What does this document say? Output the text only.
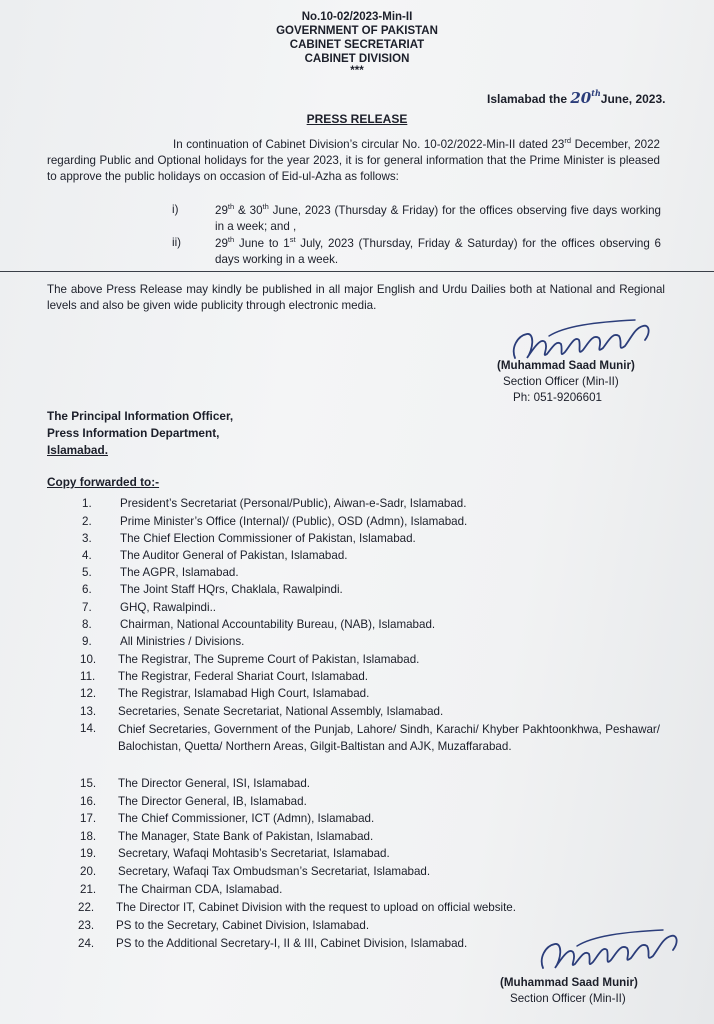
No.10-02/2023-Min-II
GOVERNMENT OF PAKISTAN
CABINET SECRETARIAT
CABINET DIVISION
***
Islamabad the 20thJune, 2023.
PRESS RELEASE
In continuation of Cabinet Division’s circular No. 10-02/2022-Min-II dated 23rd December, 2022 regarding Public and Optional holidays for the year 2023, it is for general information that the Prime Minister is pleased to approve the public holidays on occasion of Eid-ul-Azha as follows:
i)	29th & 30th June, 2023 (Thursday & Friday) for the offices observing five days working in a week; and ,
ii)	29th June to 1st July, 2023 (Thursday, Friday & Saturday) for the offices observing 6 days working in a week.
The above Press Release may kindly be published in all major English and Urdu Dailies both at National and Regional levels and also be given wide publicity through electronic media.
(Muhammad Saad Munir)
Section Officer (Min-II)
Ph: 051-9206601
The Principal Information Officer,
Press Information Department,
Islamabad.
Copy forwarded to:-
1.	President’s Secretariat (Personal/Public), Aiwan-e-Sadr, Islamabad.
2.	Prime Minister’s Office (Internal)/ (Public), OSD (Admn), Islamabad.
3.	The Chief Election Commissioner of Pakistan, Islamabad.
4.	The Auditor General of Pakistan, Islamabad.
5.	The AGPR, Islamabad.
6.	The Joint Staff HQrs, Chaklala, Rawalpindi.
7.	GHQ, Rawalpindi..
8.	Chairman, National Accountability Bureau, (NAB), Islamabad.
9.	All Ministries / Divisions.
10.	The Registrar, The Supreme Court of Pakistan, Islamabad.
11.	The Registrar, Federal Shariat Court, Islamabad.
12.	The Registrar, Islamabad High Court, Islamabad.
13.	Secretaries, Senate Secretariat, National Assembly, Islamabad.
14.	Chief Secretaries, Government of the Punjab, Lahore/ Sindh, Karachi/ Khyber Pakhtoonkhwa, Peshawar/ Balochistan, Quetta/ Northern Areas, Gilgit-Baltistan and AJK, Muzaffarabad.
15.	The Director General, ISI, Islamabad.
16.	The Director General, IB, Islamabad.
17.	The Chief Commissioner, ICT (Admn), Islamabad.
18.	The Manager, State Bank of Pakistan, Islamabad.
19.	Secretary, Wafaqi Mohtasib’s Secretariat, Islamabad.
20.	Secretary, Wafaqi Tax Ombudsman’s Secretariat, Islamabad.
21.	The Chairman CDA, Islamabad.
22.	The Director IT, Cabinet Division with the request to upload on official website.
23.	PS to the Secretary, Cabinet Division, Islamabad.
24.	PS to the Additional Secretary-I, II & III, Cabinet Division, Islamabad.
(Muhammad Saad Munir)
Section Officer (Min-II)
